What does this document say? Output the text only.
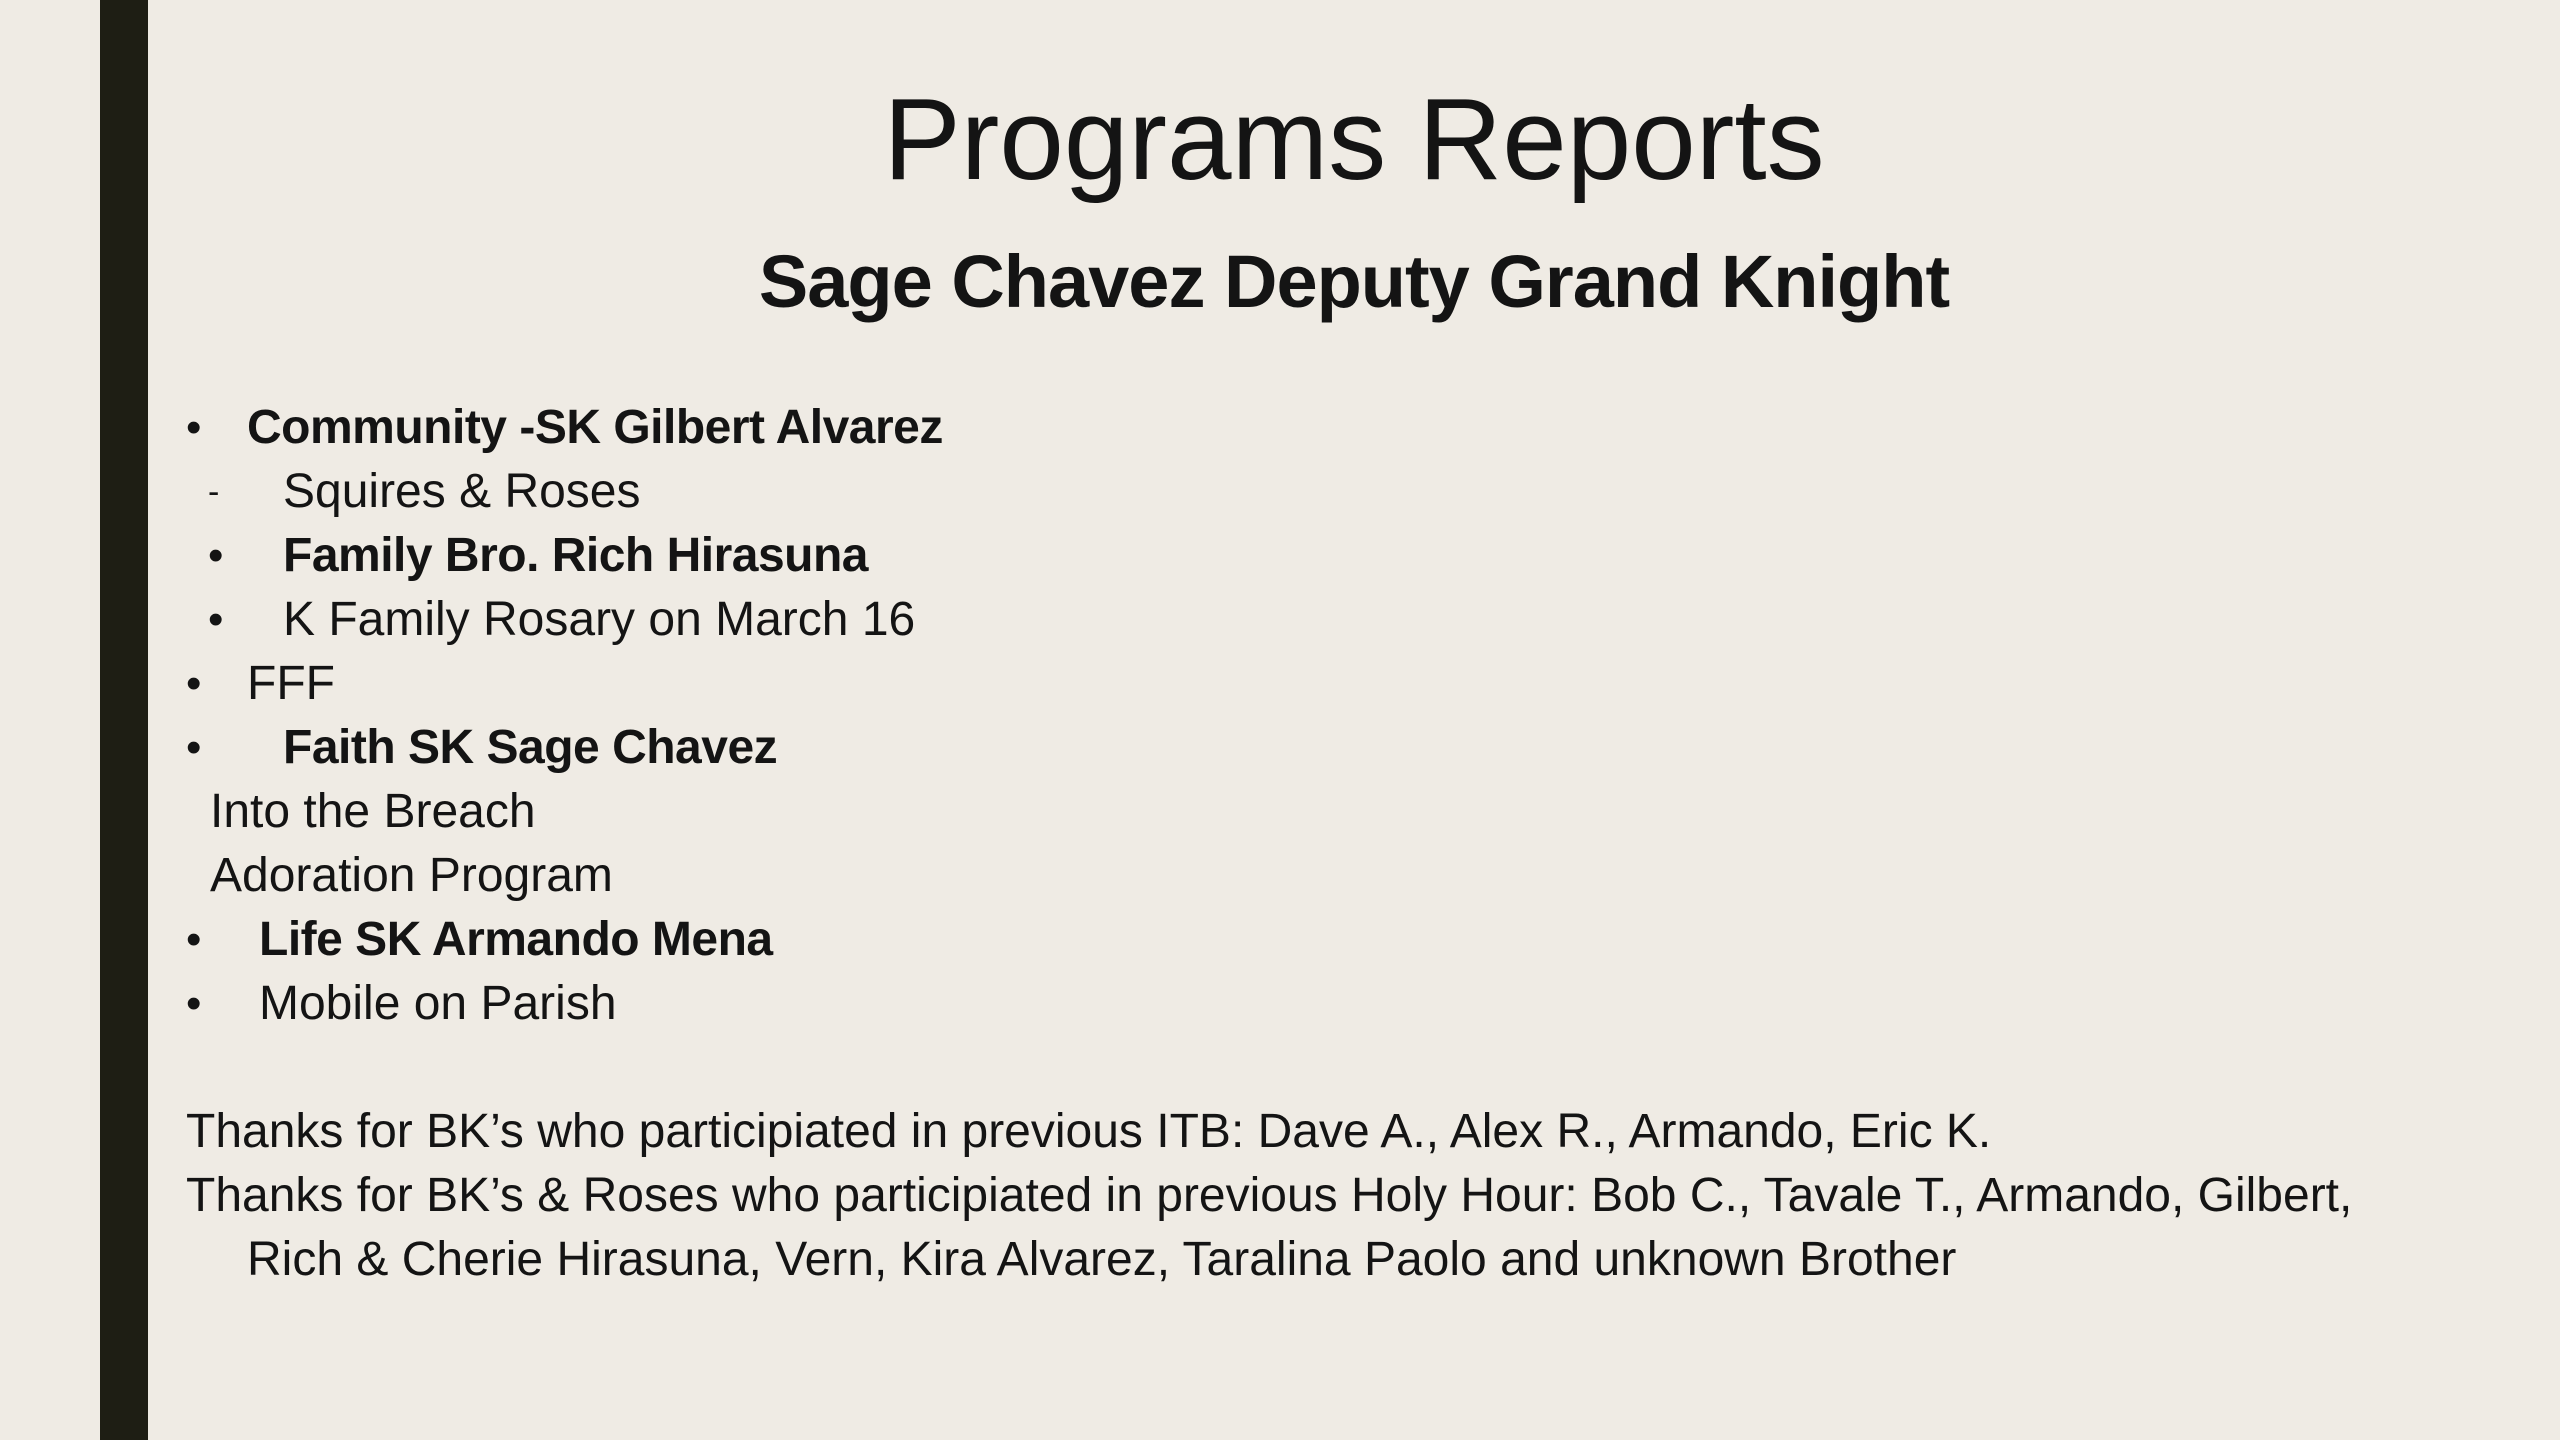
Programs Reports
Sage Chavez Deputy Grand Knight
• Community -SK Gilbert Alvarez
- Squires & Roses
• Family Bro. Rich Hirasuna
• K Family Rosary on March 16
• FFF
• Faith SK Sage Chavez
Into the Breach
Adoration Program
• Life SK Armando Mena
• Mobile on Parish
Thanks for BK’s who participiated in previous ITB: Dave A., Alex R., Armando, Eric K.
Thanks for BK’s & Roses who participiated in previous Holy Hour: Bob C., Tavale T., Armando, Gilbert,
Rich & Cherie Hirasuna, Vern, Kira Alvarez, Taralina Paolo and unknown Brother
